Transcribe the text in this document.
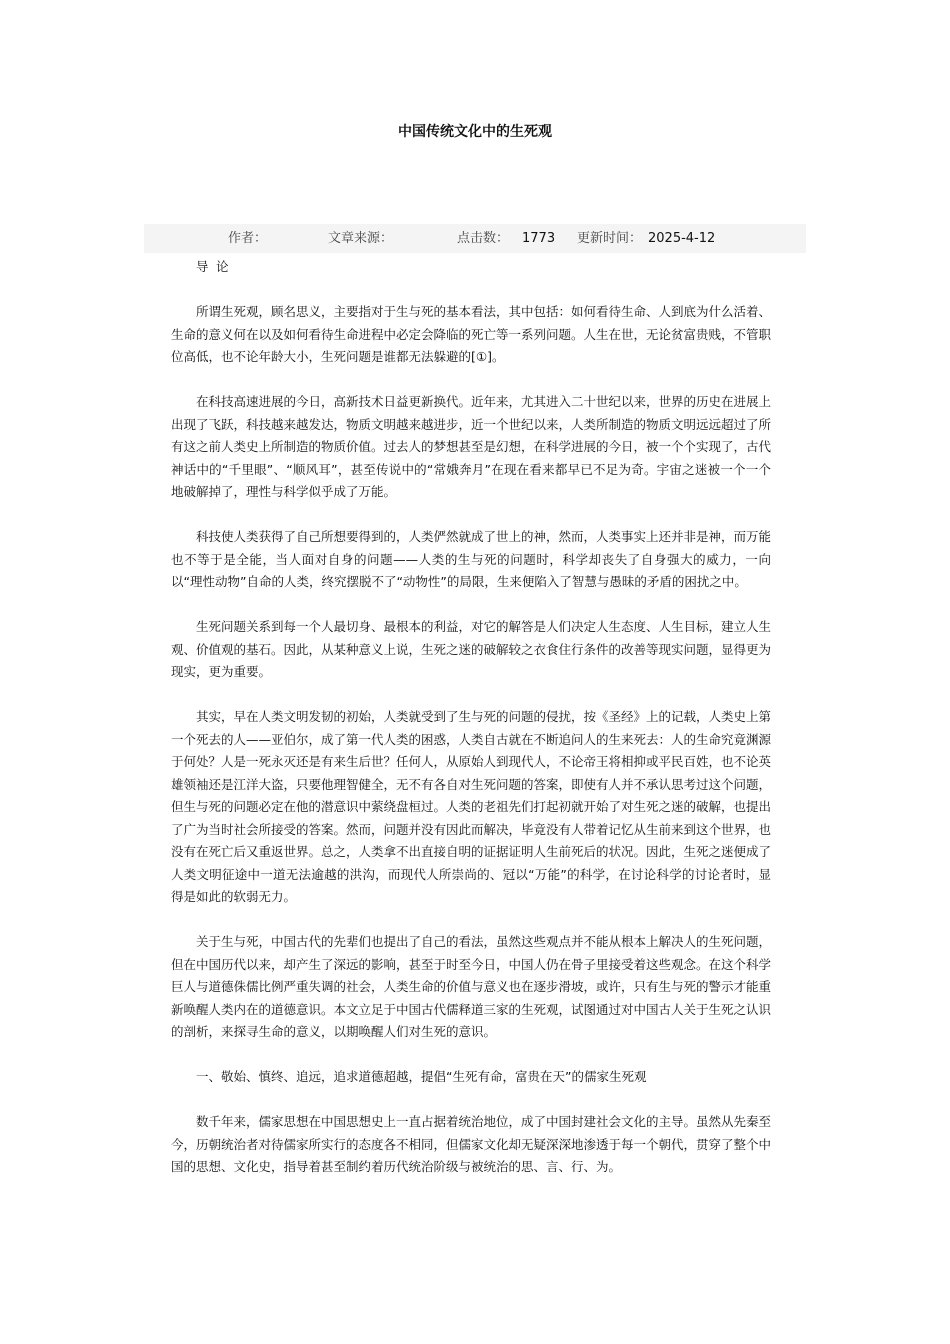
中国传统文化中的生死观
作者：	文章来源：	点击数： 1773 更新时间： 2025-4-12

导论

所谓生死观，顾名思义，主要指对于生与死的基本看法，其中包括：如何看待生命、人到底为什么活着、生命的意义何在以及如何看待生命进程中必定会降临的死亡等一系列问题。人生在世，无论贫富贵贱，不管职位高低，也不论年龄大小，生死问题是谁都无法躲避的[①]。

在科技高速进展的今日，高新技术日益更新换代。近年来，尤其进入二十世纪以来，世界的历史在进展上出现了飞跃，科技越来越发达，物质文明越来越进步，近一个世纪以来，人类所制造的物质文明远远超过了所有这之前人类史上所制造的物质价值。过去人的梦想甚至是幻想，在科学进展的今日，被一个个实现了，古代神话中的“千里眼”、“顺风耳”，甚至传说中的“常娥奔月”在现在看来都早已不足为奇。宇宙之迷被一个一个地破解掉了，理性与科学似乎成了万能。

科技使人类获得了自己所想要得到的，人类俨然就成了世上的神，然而，人类事实上还并非是神，而万能也不等于是全能，当人面对自身的问题——人类的生与死的问题时，科学却丧失了自身强大的威力，一向以“理性动物”自命的人类，终究摆脱不了“动物性”的局限，生来便陷入了智慧与愚昧的矛盾的困扰之中。

生死问题关系到每一个人最切身、最根本的利益，对它的解答是人们决定人生态度、人生目标，建立人生观、价值观的基石。因此，从某种意义上说，生死之迷的破解较之衣食住行条件的改善等现实问题，显得更为现实，更为重要。

其实，早在人类文明发韧的初始，人类就受到了生与死的问题的侵扰，按《圣经》上的记载，人类史上第一个死去的人——亚伯尔，成了第一代人类的困惑，人类自古就在不断追问人的生来死去：人的生命究竟渊源于何处？人是一死永灭还是有来生后世？任何人，从原始人到现代人，不论帝王将相抑或平民百姓，也不论英雄领袖还是江洋大盗，只要他理智健全，无不有各自对生死问题的答案，即使有人并不承认思考过这个问题，但生与死的问题必定在他的潜意识中萦绕盘桓过。人类的老祖先们打起初就开始了对生死之迷的破解，也提出了广为当时社会所接受的答案。然而，问题并没有因此而解决，毕竟没有人带着记忆从生前来到这个世界，也没有在死亡后又重返世界。总之，人类拿不出直接自明的证据证明人生前死后的状况。因此，生死之迷便成了人类文明征途中一道无法逾越的洪沟，而现代人所崇尚的、冠以“万能”的科学，在讨论科学的讨论者时，显得是如此的软弱无力。

关于生与死，中国古代的先辈们也提出了自己的看法，虽然这些观点并不能从根本上解决人的生死问题，但在中国历代以来，却产生了深远的影响，甚至于时至今日，中国人仍在骨子里接受着这些观念。在这个科学巨人与道德侏儒比例严重失调的社会，人类生命的价值与意义也在逐步滑坡，或许，只有生与死的警示才能重新唤醒人类内在的道德意识。本文立足于中国古代儒释道三家的生死观，试图通过对中国古人关于生死之认识的剖析，来探寻生命的意义，以期唤醒人们对生死的意识。

一、敬始、慎终、追远，追求道德超越，提倡“生死有命，富贵在天”的儒家生死观

数千年来，儒家思想在中国思想史上一直占据着统治地位，成了中国封建社会文化的主导。虽然从先秦至今，历朝统治者对待儒家所实行的态度各不相同，但儒家文化却无疑深深地渗透于每一个朝代，贯穿了整个中国的思想、文化史，指导着甚至制约着历代统治阶级与被统治的思、言、行、为。
